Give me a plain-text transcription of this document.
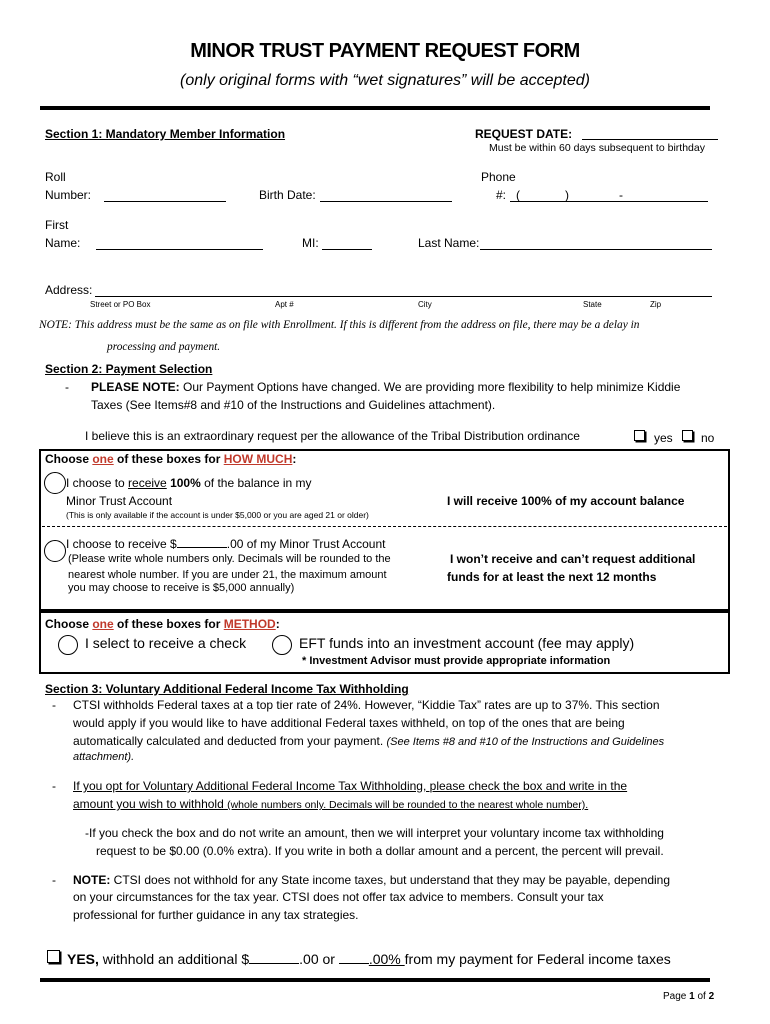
MINOR TRUST PAYMENT REQUEST FORM
(only original forms with “wet signatures” will be accepted)
Section 1: Mandatory Member Information	REQUEST DATE:
Must be within 60 days subsequent to birthday
Roll
Number:	Birth Date:
Phone
#: (	)	-
First
Name:	MI:	Last Name:
Address:
Street or PO Box	Apt #	City	State	Zip
NOTE: This address must be the same as on file with Enrollment. If this is different from the address on file, there may be a delay in
processing and payment.
Section 2: Payment Selection
- PLEASE NOTE: Our Payment Options have changed. We are providing more flexibility to help minimize Kiddie
Taxes (See Items#8 and #10 of the Instructions and Guidelines attachment).
I believe this is an extraordinary request per the allowance of the Tribal Distribution ordinance	yes no
Choose one of these boxes for HOW MUCH:
I choose to receive 100% of the balance in my
Minor Trust Account
(This is only available if the account is under $5,000 or you are aged 21 or older)
I will receive 100% of my account balance
I choose to receive $	.00 of my Minor Trust Account
(Please write whole numbers only. Decimals will be rounded to the
nearest whole number. If you are under 21, the maximum amount
you may choose to receive is $5,000 annually)
I won’t receive and can’t request additional
funds for at least the next 12 months
Choose one of these boxes for METHOD:
I select to receive a check	EFT funds into an investment account (fee may apply)
* Investment Advisor must provide appropriate information
Section 3: Voluntary Additional Federal Income Tax Withholding
- CTSI withholds Federal taxes at a top tier rate of 24%. However, “Kiddie Tax” rates are up to 37%. This section
would apply if you would like to have additional Federal taxes withheld, on top of the ones that are being
automatically calculated and deducted from your payment. (See Items #8 and #10 of the Instructions and Guidelines
attachment).
- If you opt for Voluntary Additional Federal Income Tax Withholding, please check the box and write in the
amount you wish to withhold (whole numbers only. Decimals will be rounded to the nearest whole number).
-If you check the box and do not write an amount, then we will interpret your voluntary income tax withholding
request to be $0.00 (0.0% extra). If you write in both a dollar amount and a percent, the percent will prevail.
- NOTE: CTSI does not withhold for any State income taxes, but understand that they may be payable, depending
on your circumstances for the tax year. CTSI does not offer tax advice to members. Consult your tax
professional for further guidance in any tax strategies.
YES, withhold an additional $	.00 or .00% from my payment for Federal income taxes
Page 1 of 2
